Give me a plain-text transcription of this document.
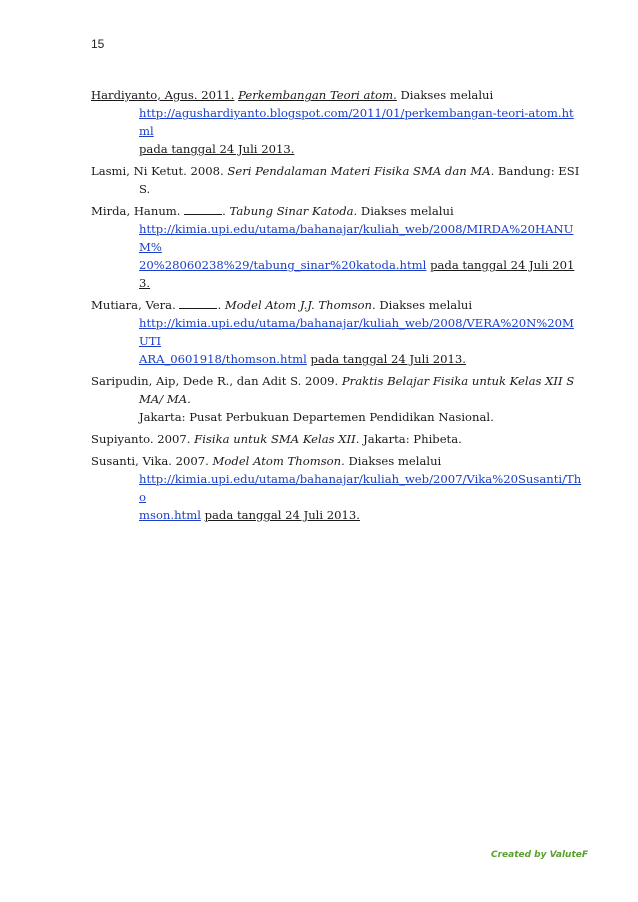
15

Hardiyanto, Agus. 2011. Perkembangan Teori atom. Diakses melalui
http://agushardiyanto.blogspot.com/2011/01/perkembangan-teori-atom.html
pada tanggal 24 Juli 2013.

Lasmi, Ni Ketut. 2008. Seri Pendalaman Materi Fisika SMA dan MA. Bandung: ESIS.

Mirda, Hanum.	. Tabung Sinar Katoda. Diakses melalui
http://kimia.upi.edu/utama/bahanajar/kuliah_web/2008/MIRDA%20HANUM%
20%28060238%29/tabung_sinar%20katoda.html pada tanggal 24 Juli 2013.

Mutiara, Vera.	. Model Atom J.J. Thomson. Diakses melalui
http://kimia.upi.edu/utama/bahanajar/kuliah_web/2008/VERA%20N%20MUTI
ARA_0601918/thomson.html pada tanggal 24 Juli 2013.

Saripudin, Aip, Dede R., dan Adit S. 2009. Praktis Belajar Fisika untuk Kelas XII SMA/ MA.
Jakarta: Pusat Perbukuan Departemen Pendidikan Nasional.

Supiyanto. 2007. Fisika untuk SMA Kelas XII. Jakarta: Phibeta.

Susanti, Vika. 2007. Model Atom Thomson. Diakses melalui
http://kimia.upi.edu/utama/bahanajar/kuliah_web/2007/Vika%20Susanti/Tho
mson.html pada tanggal 24 Juli 2013.

Created by ValuteF
